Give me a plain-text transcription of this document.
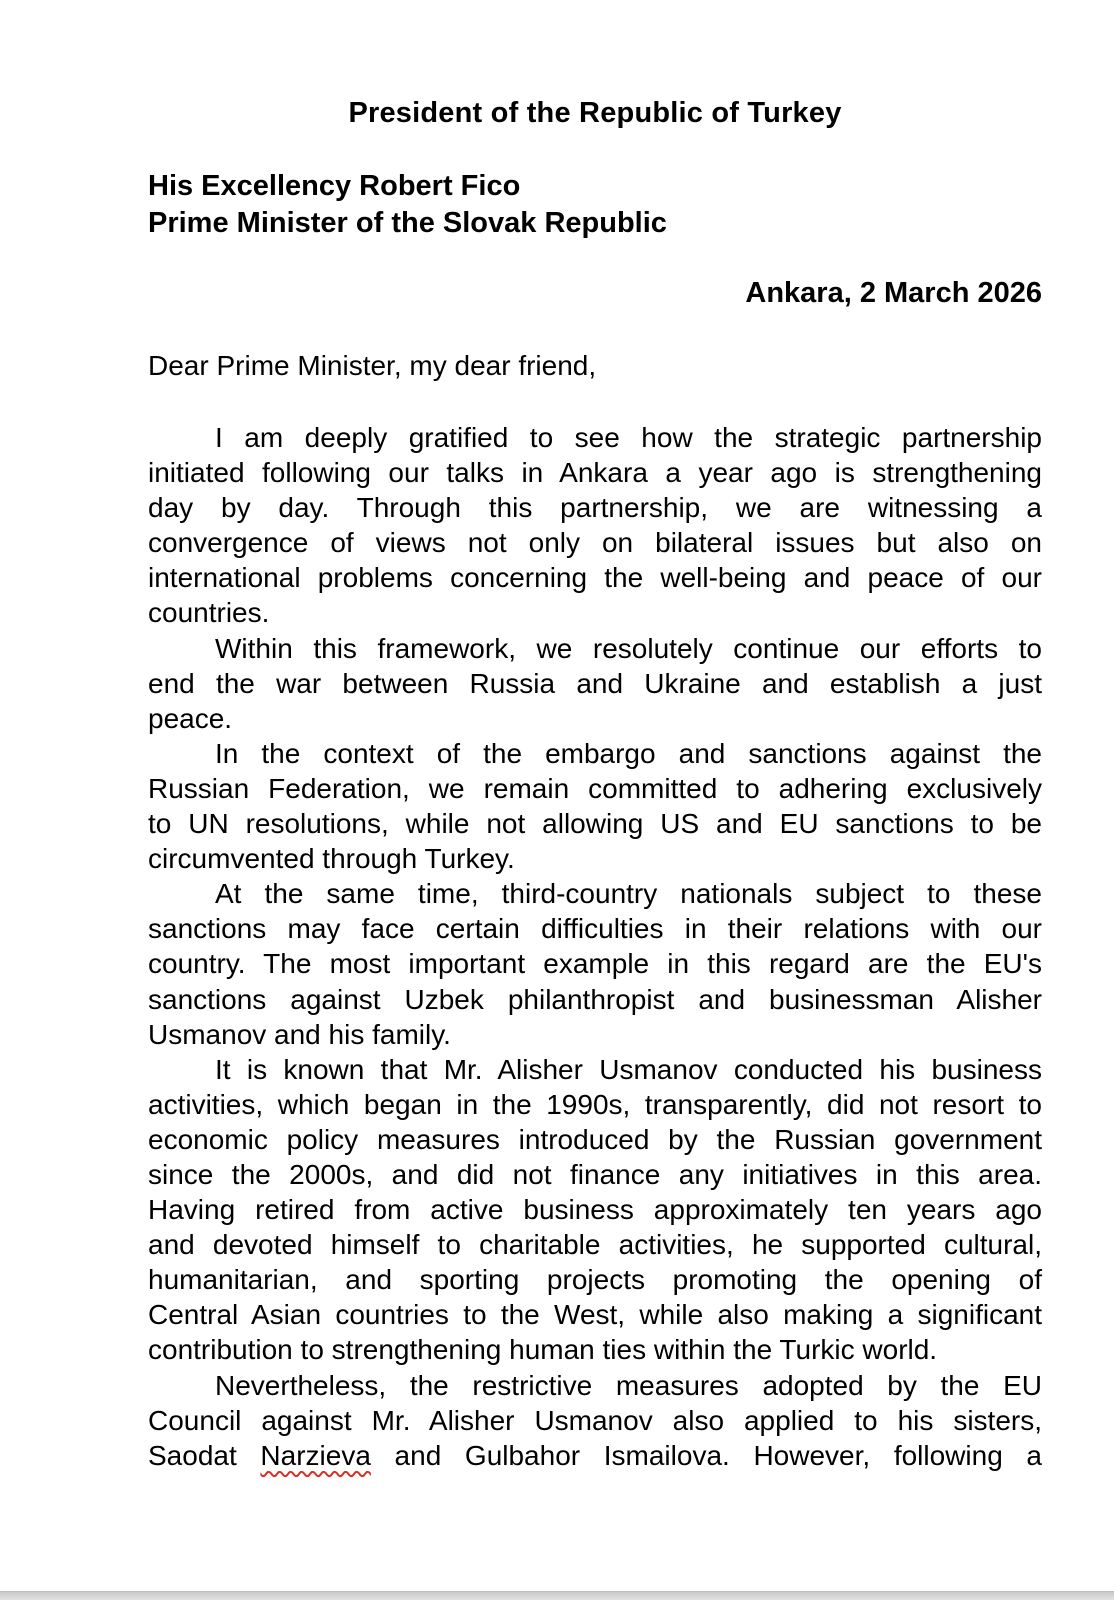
President of the Republic of Turkey
His Excellency Robert Fico
Prime Minister of the Slovak Republic
Ankara, 2 March 2026
Dear Prime Minister, my dear friend,
I am deeply gratified to see how the strategic partnership
initiated following our talks in Ankara a year ago is strengthening
day by day. Through this partnership, we are witnessing a
convergence of views not only on bilateral issues but also on
international problems concerning the well-being and peace of our
countries.
Within this framework, we resolutely continue our efforts to
end the war between Russia and Ukraine and establish a just
peace.
In the context of the embargo and sanctions against the
Russian Federation, we remain committed to adhering exclusively
to UN resolutions, while not allowing US and EU sanctions to be
circumvented through Turkey.
At the same time, third-country nationals subject to these
sanctions may face certain difficulties in their relations with our
country. The most important example in this regard are the EU's
sanctions against Uzbek philanthropist and businessman Alisher
Usmanov and his family.
It is known that Mr. Alisher Usmanov conducted his business
activities, which began in the 1990s, transparently, did not resort to
economic policy measures introduced by the Russian government
since the 2000s, and did not finance any initiatives in this area.
Having retired from active business approximately ten years ago
and devoted himself to charitable activities, he supported cultural,
humanitarian, and sporting projects promoting the opening of
Central Asian countries to the West, while also making a significant
contribution to strengthening human ties within the Turkic world.
Nevertheless, the restrictive measures adopted by the EU
Council against Mr. Alisher Usmanov also applied to his sisters,
Saodat Narzieva and Gulbahor Ismailova. However, following a
